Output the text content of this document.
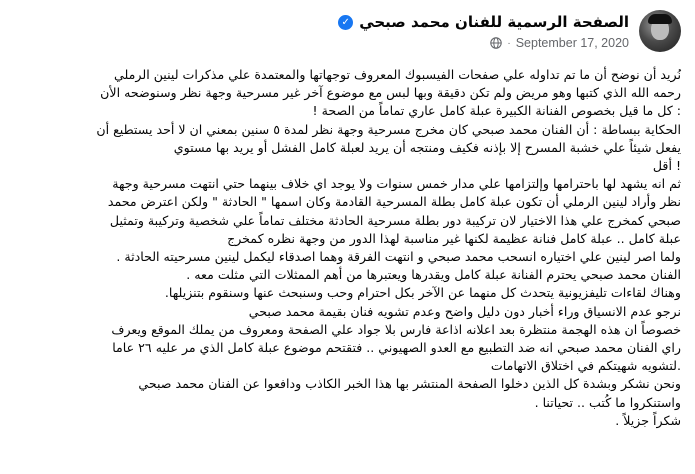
الصفحة الرسمية للفنان محمد صبحي
✓
September 17, 2020
·

نُريد أن نوضح أن ما تم تداوله علي صفحات الفيسبوك المعروف توجهاتها والمعتمدة علي مذكرات لينين الرملي

رحمه الله الذي كتبها وهو مريض ولم تكن دقيقة وبها لبس مع موضوع آخر غير مسرحية وجهة نظر وسنوضحه الأن

: كل ما قيل بخصوص الفنانة الكبيرة عبلة كامل عاري تماماً من الصحة !

الحكاية ببساطة : أن الفنان محمد صبحي كان مخرج مسرحية وجهة نظر لمدة ٥ سنين بمعني ان لا أحد يستطيع أن

يفعل شيئاً علي خشبة المسرح إلا بإذنه فكيف ومنتجه أن يريد لعبلة كامل الفشل أو يريد بها مستوي

! أقل

ثم انه يشهد لها باحترامها وإلتزامها علي مدار خمس سنوات ولا يوجد اي خلاف بينهما حتي انتهت مسرحية وجهة

نظر وأراد لينين الرملي أن تكون عبلة كامل بطلة المسرحية القادمة وكان اسمها " الحادثة " ولكن اعترض محمد

صبحي كمخرج علي هذا الاختيار لان تركيبة دور بطلة مسرحية الحادثة مختلف تماماً علي شخصية وتركيبة وتمثيل

عبلة كامل .. عبلة كامل فنانة عظيمة لكنها غير مناسبة لهذا الدور من وجهة نظره كمخرج

ولما اصر لينين علي اختياره انسحب محمد صبحي و انتهت الفرقة وهما اصدقاء ليكمل لينين مسرحيته الحادثة .

الفنان محمد صبحي يحترم الفنانة عبلة كامل ويقدرها ويعتبرها من أهم الممثلات التي مثلت معه .

وهناك لقاءات تليفزيونية يتحدث كل منهما عن الآخر بكل احترام وحب وسنبحث عنها وسنقوم بتنزيلها.

نرجو عدم الانسياق وراء أخبار دون دليل واضح وعدم تشويه فنان بقيمة محمد صبحي

خصوصاً ان هذه الهجمة منتظرة بعد اعلانه اذاعة فارس بلا جواد علي الصفحة ومعروف من يملك الموقع ويعرف

راي الفنان محمد صبحي انه ضد التطبيع مع العدو الصهيوني .. فتقتحم موضوع عبلة كامل الذي مر عليه ٢٦ عاما

.لتشويه شهيتكم في اختلاق الاتهامات

ونحن نشكر وبشدة كل الذين دخلوا الصفحة المنتشر بها هذا الخبر الكاذب ودافعوا عن الفنان محمد صبحي

واستنكروا ما كُتب .. تحياتنا .

شكراً جزيلاً .
